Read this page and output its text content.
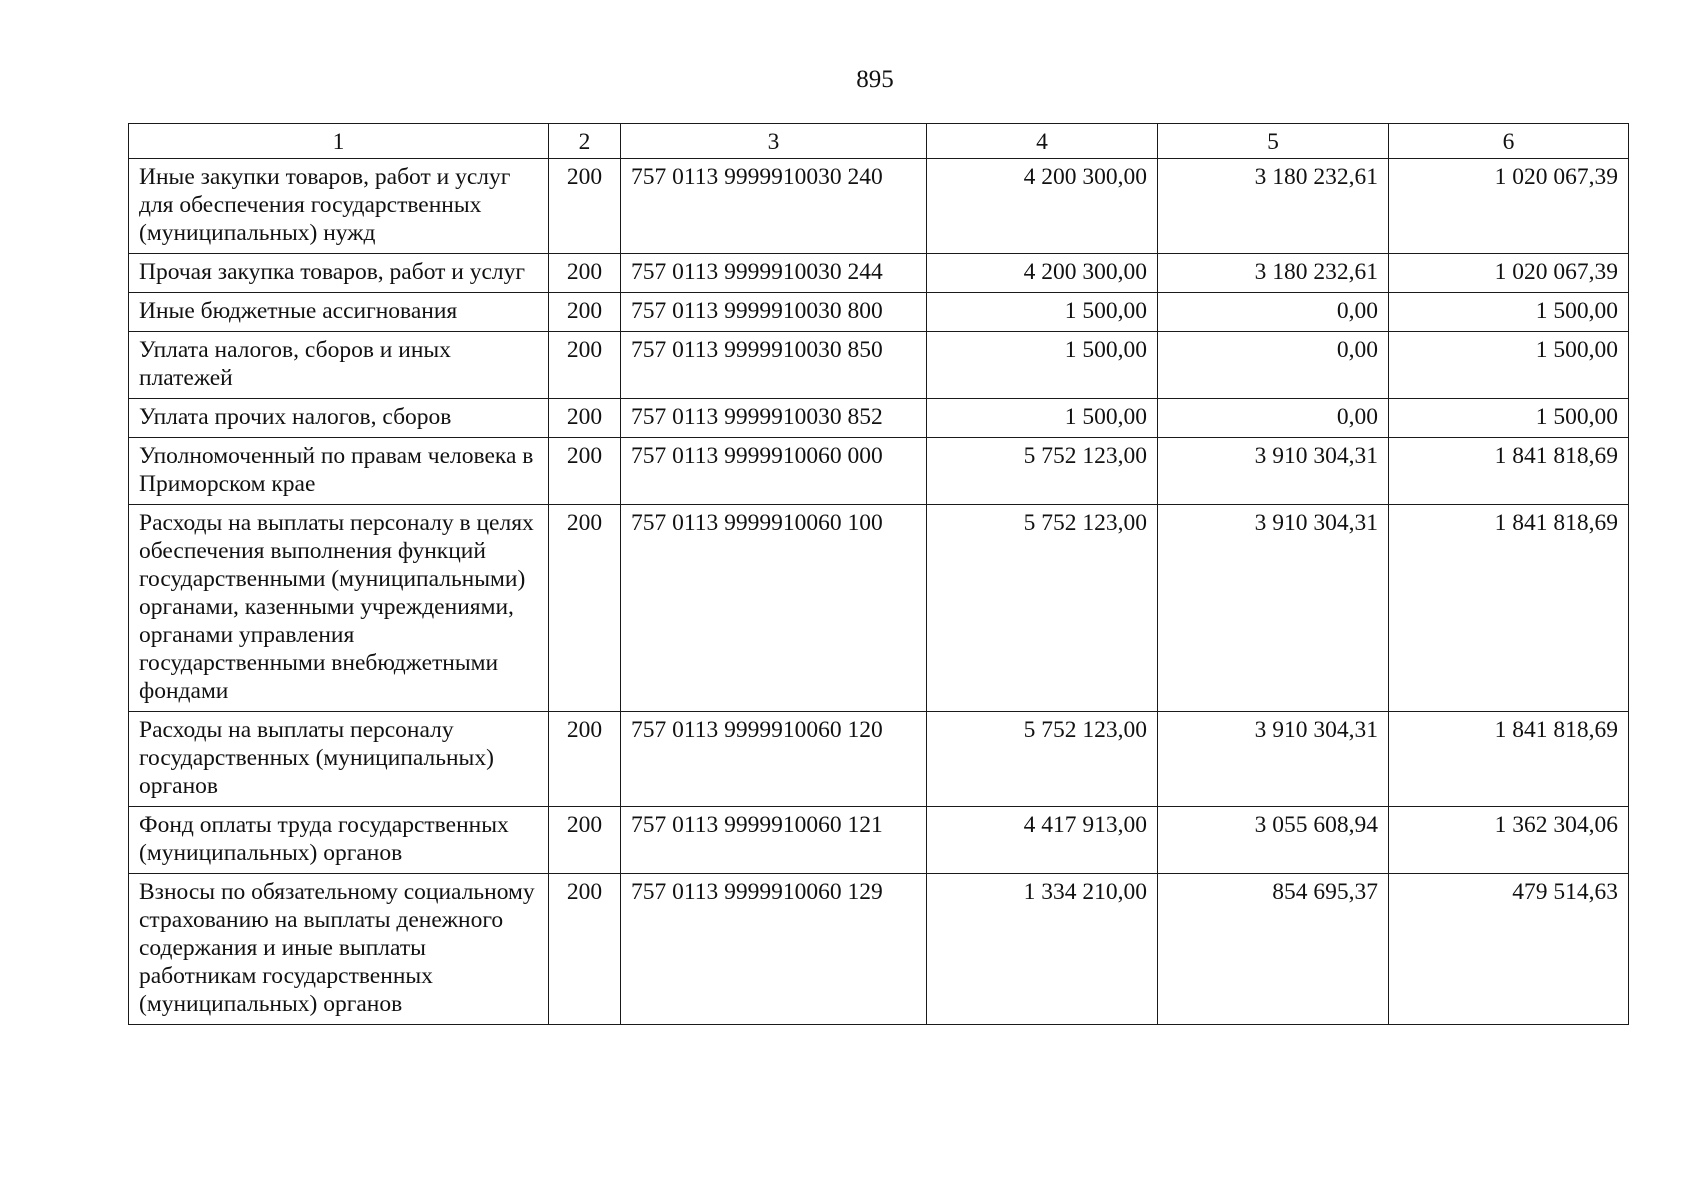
895
1	2	3	4	5	6
Иные закупки товаров, работ и услуг для обеспечения государственных (муниципальных) нужд	200	757 0113 9999910030 240	4 200 300,00	3 180 232,61	1 020 067,39
Прочая закупка товаров, работ и услуг	200	757 0113 9999910030 244	4 200 300,00	3 180 232,61	1 020 067,39
Иные бюджетные ассигнования	200	757 0113 9999910030 800	1 500,00	0,00	1 500,00
Уплата налогов, сборов и иных платежей	200	757 0113 9999910030 850	1 500,00	0,00	1 500,00
Уплата прочих налогов, сборов	200	757 0113 9999910030 852	1 500,00	0,00	1 500,00
Уполномоченный по правам человека в Приморском крае	200	757 0113 9999910060 000	5 752 123,00	3 910 304,31	1 841 818,69
Расходы на выплаты персоналу в целях обеспечения выполнения функций государственными (муниципальными) органами, казенными учреждениями, органами управления государственными внебюджетными фондами	200	757 0113 9999910060 100	5 752 123,00	3 910 304,31	1 841 818,69
Расходы на выплаты персоналу государственных (муниципальных) органов	200	757 0113 9999910060 120	5 752 123,00	3 910 304,31	1 841 818,69
Фонд оплаты труда государственных (муниципальных) органов	200	757 0113 9999910060 121	4 417 913,00	3 055 608,94	1 362 304,06
Взносы по обязательному социальному страхованию на выплаты денежного содержания и иные выплаты работникам государственных (муниципальных) органов	200	757 0113 9999910060 129	1 334 210,00	854 695,37	479 514,63
